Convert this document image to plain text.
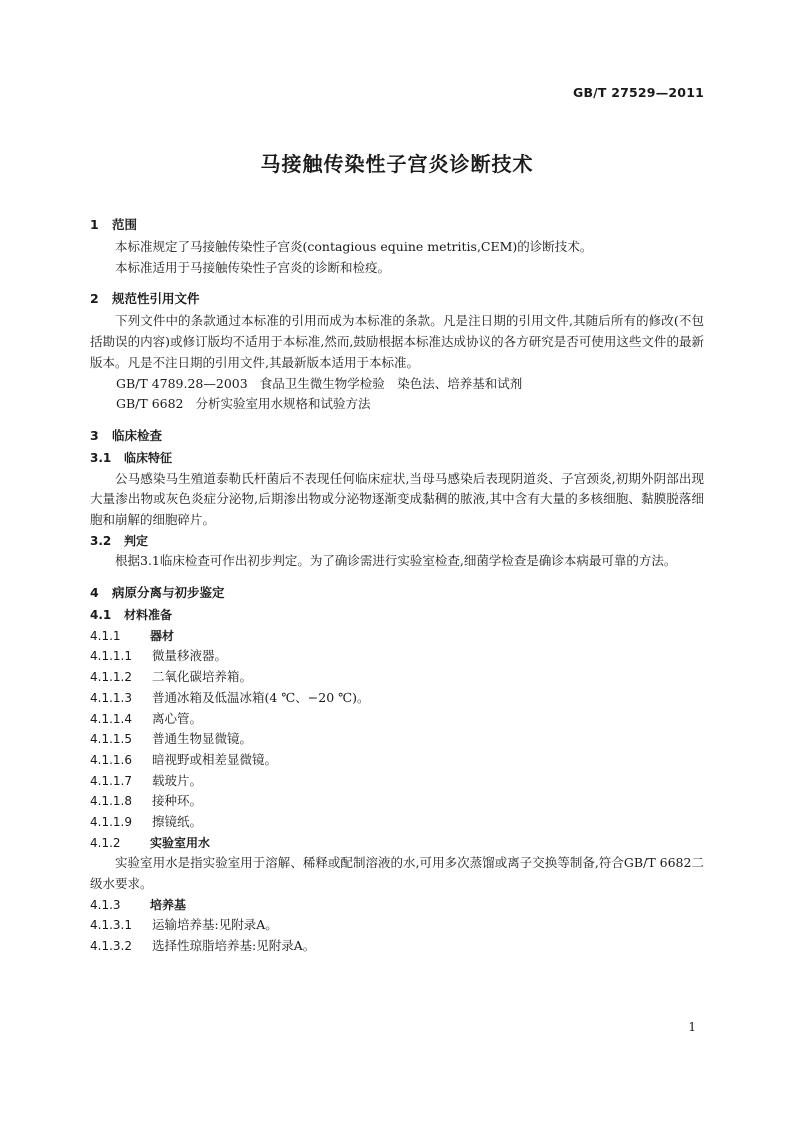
GB/T 27529—2011
马接触传染性子宫炎诊断技术
1 范围
本标准规定了马接触传染性子宫炎(contagious equine metritis,CEM)的诊断技术。
本标准适用于马接触传染性子宫炎的诊断和检疫。
2 规范性引用文件
下列文件中的条款通过本标准的引用而成为本标准的条款。凡是注日期的引用文件,其随后所有的修改(不包括勘误的内容)或修订版均不适用于本标准,然而,鼓励根据本标准达成协议的各方研究是否可使用这些文件的最新版本。凡是不注日期的引用文件,其最新版本适用于本标准。
GB/T 4789.28—2003 食品卫生微生物学检验　染色法、培养基和试剂
GB/T 6682 分析实验室用水规格和试验方法
3 临床检查
3.1 临床特征
公马感染马生殖道泰勒氏杆菌后不表现任何临床症状,当母马感染后表现阴道炎、子宫颈炎,初期外阴部出现大量渗出物或灰色炎症分泌物,后期渗出物或分泌物逐渐变成黏稠的脓液,其中含有大量的多核细胞、黏膜脱落细胞和崩解的细胞碎片。
3.2 判定
根据3.1临床检查可作出初步判定。为了确诊需进行实验室检查,细菌学检查是确诊本病最可靠的方法。
4 病原分离与初步鉴定
4.1 材料准备
4.1.1 器材
4.1.1.1 微量移液器。
4.1.1.2 二氧化碳培养箱。
4.1.1.3 普通冰箱及低温冰箱(4 ℃、−20 ℃)。
4.1.1.4 离心管。
4.1.1.5 普通生物显微镜。
4.1.1.6 暗视野或相差显微镜。
4.1.1.7 载玻片。
4.1.1.8 接种环。
4.1.1.9 擦镜纸。
4.1.2 实验室用水
实验室用水是指实验室用于溶解、稀释或配制溶液的水,可用多次蒸馏或离子交换等制备,符合GB/T 6682二级水要求。
4.1.3 培养基
4.1.3.1 运输培养基:见附录A。
4.1.3.2 选择性琼脂培养基:见附录A。
1
